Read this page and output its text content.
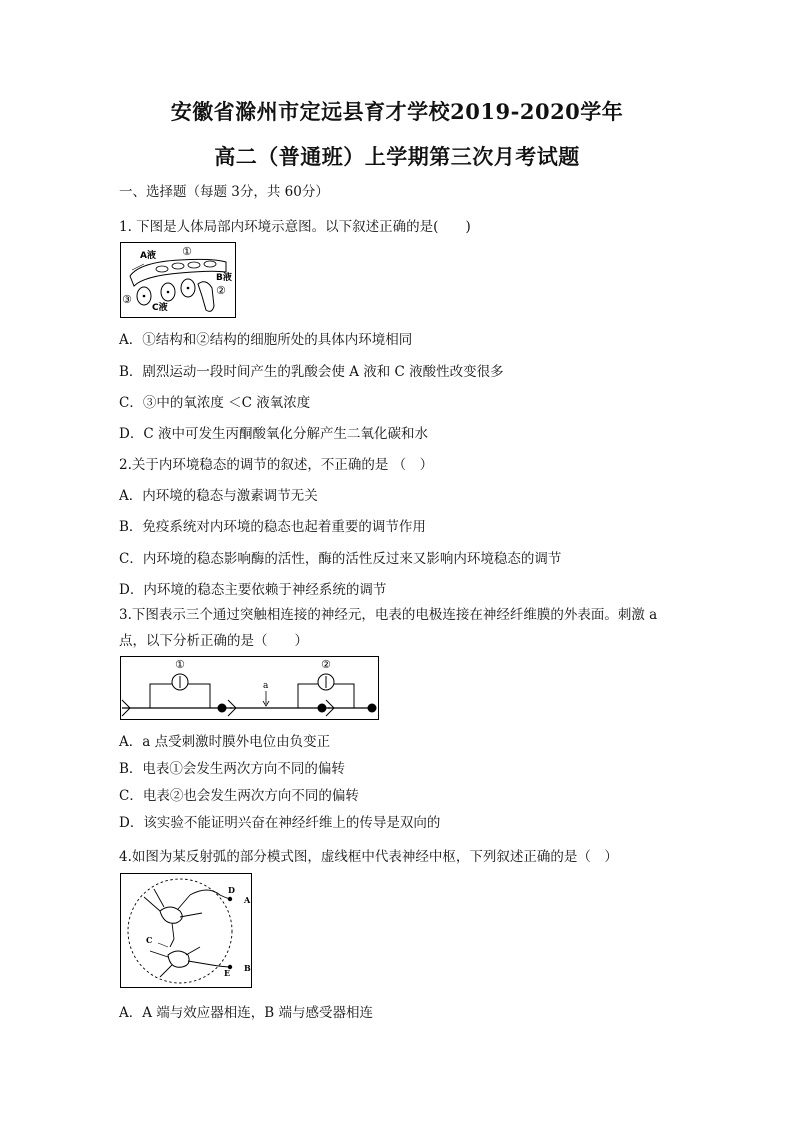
安徽省滁州市定远县育才学校2019-2020学年
高二（普通班）上学期第三次月考试题
一、选择题（每题 3分，共 60分）
1. 下图是人体局部内环境示意图。以下叙述正确的是(　　)
A液 ①
B液
②
③
C液
A．①结构和②结构的细胞所处的具体内环境相同
B．剧烈运动一段时间产生的乳酸会使 A 液和 C 液酸性改变很多
C．③中的氧浓度 ＜C 液氧浓度
D．C 液中可发生丙酮酸氧化分解产生二氧化碳和水
2.关于内环境稳态的调节的叙述，不正确的是 （　）
A．内环境的稳态与激素调节无关
B．免疫系统对内环境的稳态也起着重要的调节作用
C．内环境的稳态影响酶的活性，酶的活性反过来又影响内环境稳态的调节
D．内环境的稳态主要依赖于神经系统的调节
3.下图表示三个通过突触相连接的神经元，电表的电极连接在神经纤维膜的外表面。刺激 a
点，以下分析正确的是（　　）
①
a
②
A．a 点受刺激时膜外电位由负变正
B．电表①会发生两次方向不同的偏转
C．电表②也会发生两次方向不同的偏转
D．该实验不能证明兴奋在神经纤维上的传导是双向的
4.如图为某反射弧的部分模式图，虚线框中代表神经中枢，下列叙述正确的是（　）
D
A
C
B
E
A．A 端与效应器相连，B 端与感受器相连
